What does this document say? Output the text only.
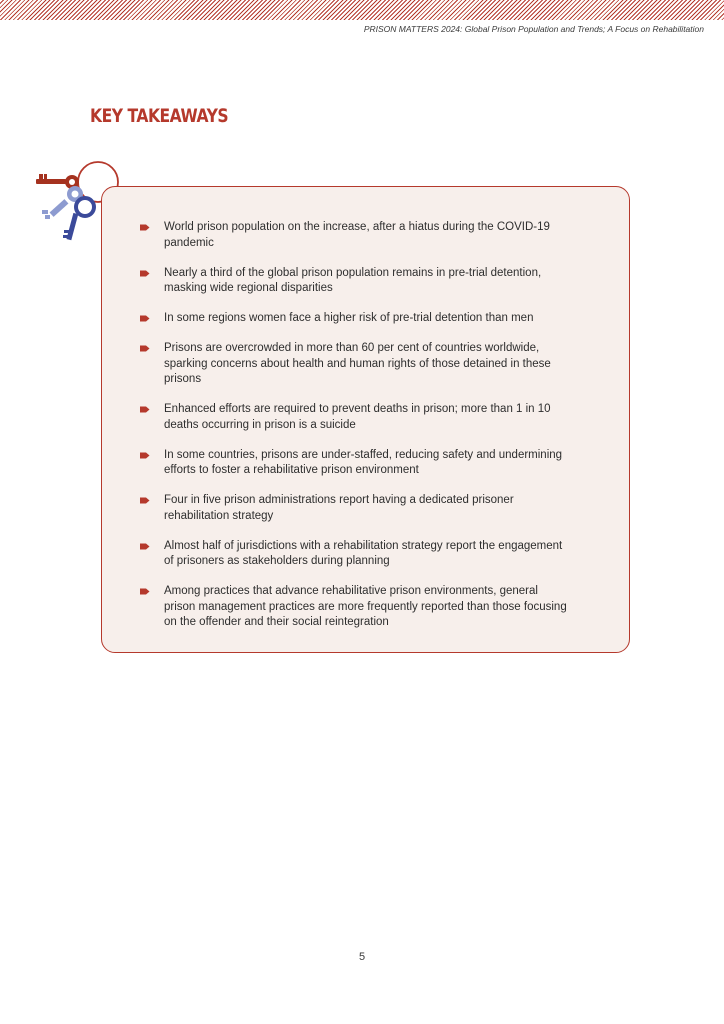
PRISON MATTERS 2024: Global Prison Population and Trends; A Focus on Rehabilitation
KEY TAKEAWAYS
World prison population on the increase, after a hiatus during the COVID-19 pandemic
Nearly a third of the global prison population remains in pre-trial detention, masking wide regional disparities
In some regions women face a higher risk of pre-trial detention than men
Prisons are overcrowded in more than 60 per cent of countries worldwide, sparking concerns about health and human rights of those detained in these prisons
Enhanced efforts are required to prevent deaths in prison; more than 1 in 10 deaths occurring in prison is a suicide
In some countries, prisons are under-staffed, reducing safety and undermining efforts to foster a rehabilitative prison environment
Four in five prison administrations report having a dedicated prisoner rehabilitation strategy
Almost half of jurisdictions with a rehabilitation strategy report the engagement of prisoners as stakeholders during planning
Among practices that advance rehabilitative prison environments, general prison management practices are more frequently reported than those focusing on the offender and their social reintegration
5
